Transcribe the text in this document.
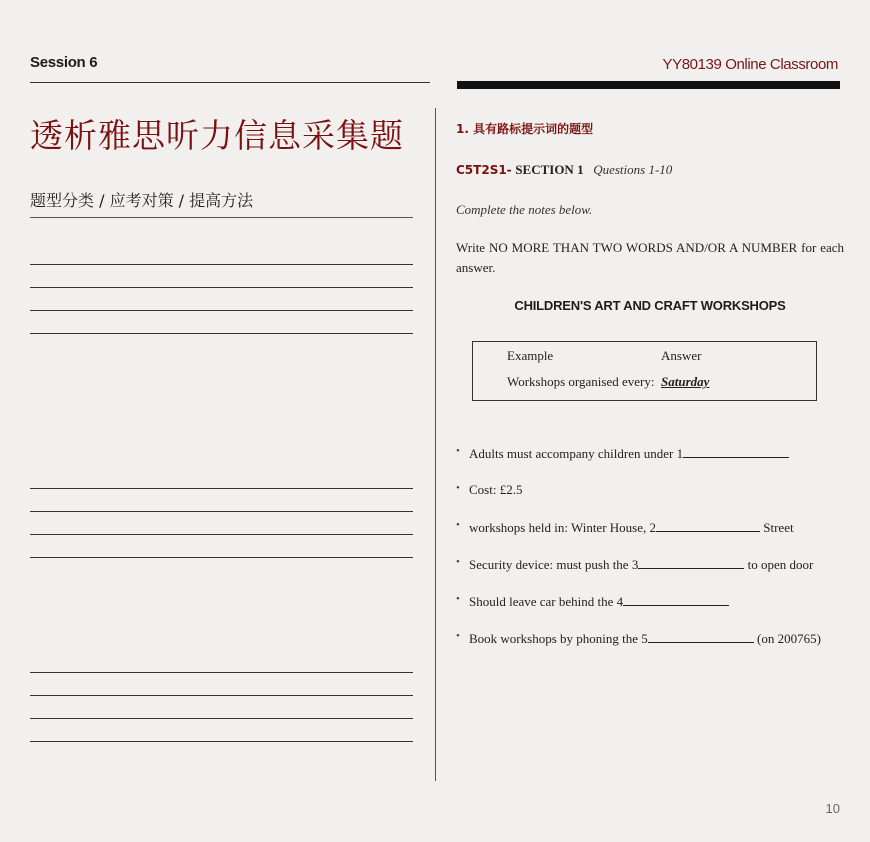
Session 6	YY80139 Online Classroom
透析雅思听力信息采集题
题型分类 / 应考对策 / 提高方法
1. 具有路标提示词的题型
C5T2S1- SECTION 1 Questions 1-10
Complete the notes below.
Write NO MORE THAN TWO WORDS AND/OR A NUMBER for each answer.
CHILDREN'S ART AND CRAFT WORKSHOPS
Example	Answer
Workshops organised every: Saturday
• Adults must accompany children under 1
• Cost: £2.5
• workshops held in: Winter House, 2	Street
• Security device: must push the 3	to open door
• Should leave car behind the 4
• Book workshops by phoning the 5	(on 200765)
10
